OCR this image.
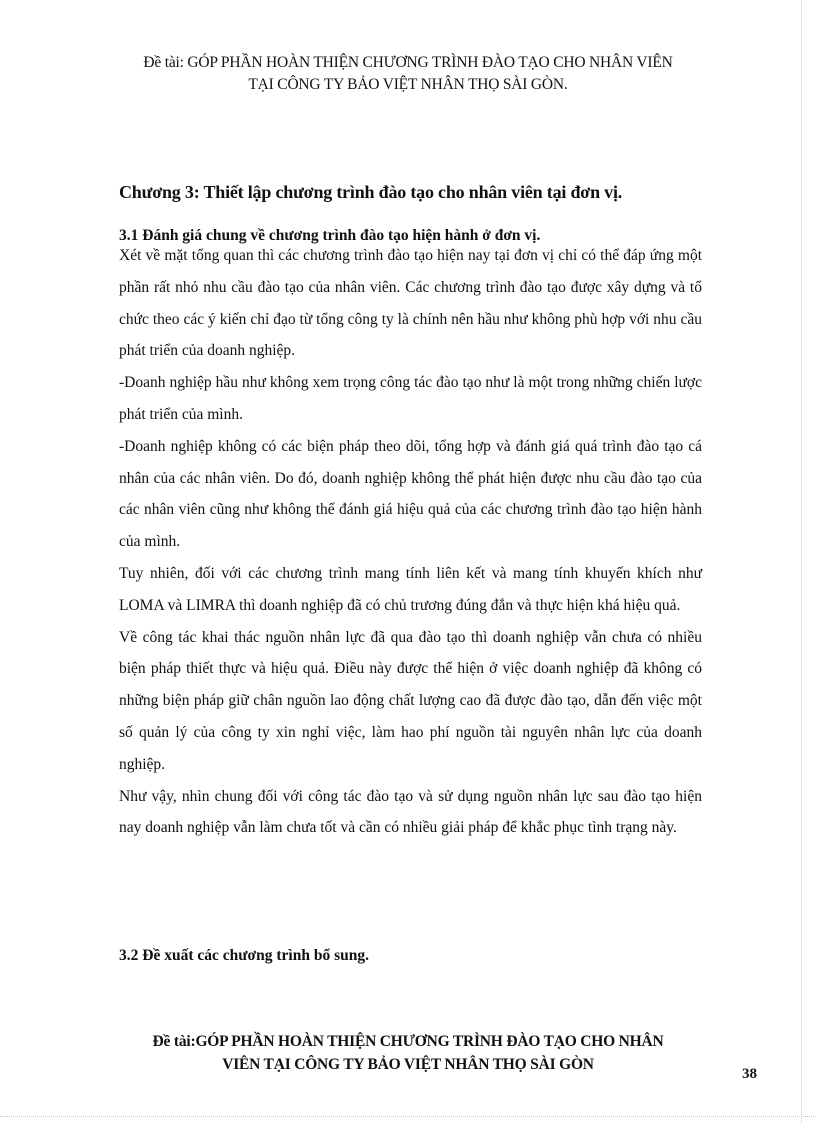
Đề tài: GÓP PHẦN HOÀN THIỆN CHƯƠNG TRÌNH ĐÀO TẠO CHO NHÂN VIÊN
TẠI CÔNG TY BẢO VIỆT NHÂN THỌ SÀI GÒN.
Chương 3: Thiết lập chương trình đào tạo cho nhân viên tại đơn vị.
3.1 Đánh giá chung về chương trình đào tạo hiện hành ở đơn vị.

Xét về mặt tổng quan thì các chương trình đào tạo hiện nay tại đơn vị chỉ có thể đáp ứng một phần rất nhỏ nhu cầu đào tạo của nhân viên. Các chương trình đào tạo được xây dựng và tổ chức theo các ý kiến chỉ đạo từ tổng công ty là chính nên hầu như không phù hợp với nhu cầu phát triển của doanh nghiệp.

-Doanh nghiệp hầu như không xem trọng công tác đào tạo như là một trong những chiến lược phát triển của mình.

-Doanh nghiệp không có các biện pháp theo dõi, tổng hợp và đánh giá quá trình đào tạo cá nhân của các nhân viên. Do đó, doanh nghiệp không thể phát hiện được nhu cầu đào tạo của các nhân viên cũng như không thể đánh giá hiệu quả của các chương trình đào tạo hiện hành của mình.

Tuy nhiên, đối với các chương trình mang tính liên kết và mang tính khuyến khích như LOMA và LIMRA thì doanh nghiệp đã có chủ trương đúng đắn và thực hiện khá hiệu quả.

Về công tác khai thác nguồn nhân lực đã qua đào tạo thì doanh nghiệp vẫn chưa có nhiều biện pháp thiết thực và hiệu quả. Điều này được thể hiện ở việc doanh nghiệp đã không có những biện pháp giữ chân nguồn lao động chất lượng cao đã được đào tạo, dẫn đến việc một số quản lý của công ty xin nghỉ việc, làm hao phí nguồn tài nguyên nhân lực của doanh nghiệp.

Như vậy, nhìn chung đối với công tác đào tạo và sử dụng nguồn nhân lực sau đào tạo hiện nay doanh nghiệp vẫn làm chưa tốt và cần có nhiều giải pháp để khắc phục tình trạng này.

3.2 Đề xuất các chương trình bổ sung.
Đề tài:GÓP PHẦN HOÀN THIỆN CHƯƠNG TRÌNH ĐÀO TẠO CHO NHÂN
VIÊN TẠI CÔNG TY BẢO VIỆT NHÂN THỌ SÀI GÒN
38
